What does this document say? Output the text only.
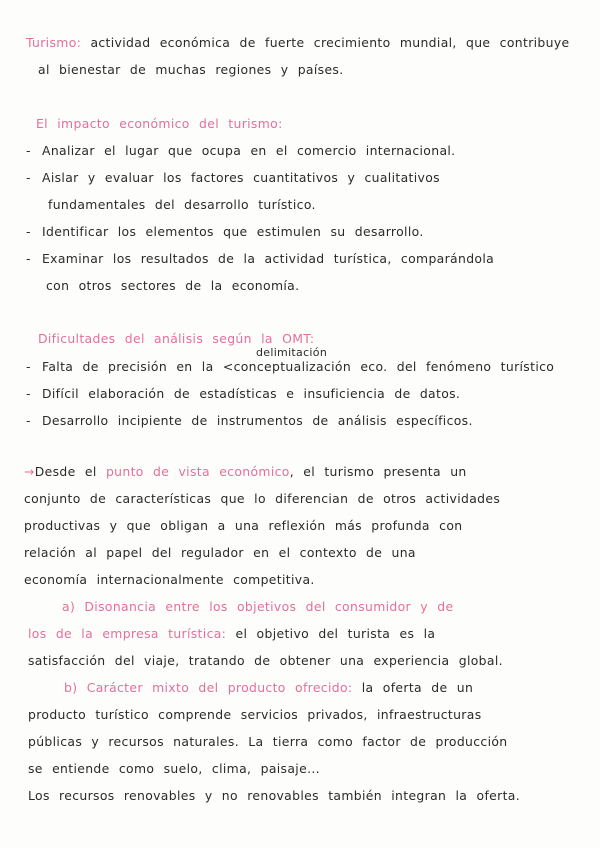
Turismo: actividad económica de fuerte crecimiento mundial, que contribuye
al bienestar de muchas regiones y países.
El impacto económico del turismo:
- Analizar el lugar que ocupa en el comercio internacional.
- Aislar y evaluar los factores cuantitativos y cualitativos
fundamentales del desarrollo turístico.
- Identificar los elementos que estimulen su desarrollo.
- Examinar los resultados de la actividad turística, comparándola
con otros sectores de la economía.
Dificultades del análisis según la OMT:
delimitación
- Falta de precisión en la <conceptualización eco. del fenómeno turístico
- Difícil elaboración de estadísticas e insuficiencia de datos.
- Desarrollo incipiente de instrumentos de análisis específicos.
→Desde el punto de vista económico, el turismo presenta un
conjunto de características que lo diferencian de otros actividades
productivas y que obligan a una reflexión más profunda con
relación al papel del regulador en el contexto de una
economía internacionalmente competitiva.
a) Disonancia entre los objetivos del consumidor y de
los de la empresa turística: el objetivo del turista es la
satisfacción del viaje, tratando de obtener una experiencia global.
b) Carácter mixto del producto ofrecido: la oferta de un
producto turístico comprende servicios privados, infraestructuras
públicas y recursos naturales. La tierra como factor de producción
se entiende como suelo, clima, paisaje...
Los recursos renovables y no renovables también integran la oferta.
